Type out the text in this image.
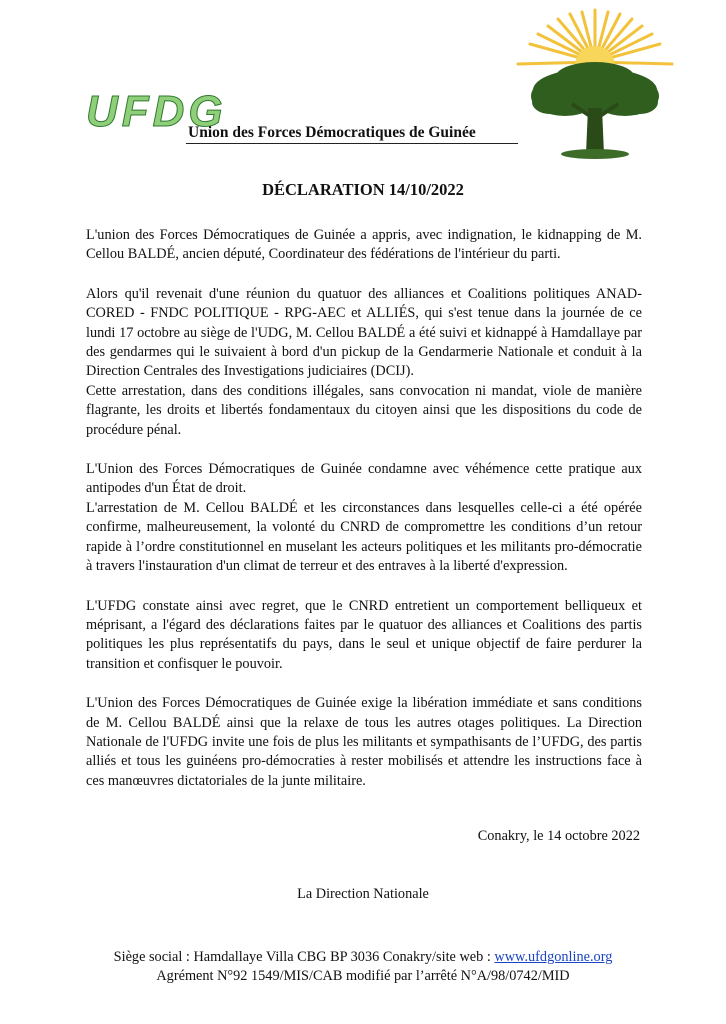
UFDG
Union des Forces Démocratiques de Guinée
DÉCLARATION 14/10/2022

L'union des Forces Démocratiques de Guinée a appris, avec indignation, le kidnapping de M. Cellou BALDÉ, ancien député, Coordinateur des fédérations de l'intérieur du parti.

Alors qu'il revenait d'une réunion du quatuor des alliances et Coalitions politiques ANAD-CORED - FNDC POLITIQUE - RPG-AEC et ALLIÉS, qui s'est tenue dans la journée de ce lundi 17 octobre au siège de l'UDG, M. Cellou BALDÉ a été suivi et kidnappé à Hamdallaye par des gendarmes qui le suivaient à bord d'un pickup de la Gendarmerie Nationale et conduit à la Direction Centrales des Investigations judiciaires (DCIJ).

Cette arrestation, dans des conditions illégales, sans convocation ni mandat, viole de manière flagrante, les droits et libertés fondamentaux du citoyen ainsi que les dispositions du code de procédure pénal.

L'Union des Forces Démocratiques de Guinée condamne avec véhémence cette pratique aux antipodes d'un État de droit.

L'arrestation de M. Cellou BALDÉ et les circonstances dans lesquelles celle-ci a été opérée confirme, malheureusement, la volonté du CNRD de compromettre les conditions d’un retour rapide à l’ordre constitutionnel en muselant les acteurs politiques et les militants pro-démocratie à travers l'instauration d'un climat de terreur et des entraves à la liberté d'expression.

L'UFDG constate ainsi avec regret, que le CNRD entretient un comportement belliqueux et méprisant, a l'égard des déclarations faites par le quatuor des alliances et Coalitions des partis politiques les plus représentatifs du pays, dans le seul et unique objectif de faire perdurer la transition et confisquer le pouvoir.

L'Union des Forces Démocratiques de Guinée exige la libération immédiate et sans conditions de M. Cellou BALDÉ ainsi que la relaxe de tous les autres otages politiques. La Direction Nationale de l'UFDG invite une fois de plus les militants et sympathisants de l’UFDG, des partis alliés et tous les guinéens pro-démocraties à rester mobilisés et attendre les instructions face à ces manœuvres dictatoriales de la junte militaire.

Conakry, le 14 octobre 2022
La Direction Nationale
Siège social : Hamdallaye Villa CBG BP 3036 Conakry/site web : www.ufdgonline.org
Agrément N°92 1549/MIS/CAB modifié par l’arrêté N°A/98/0742/MID
